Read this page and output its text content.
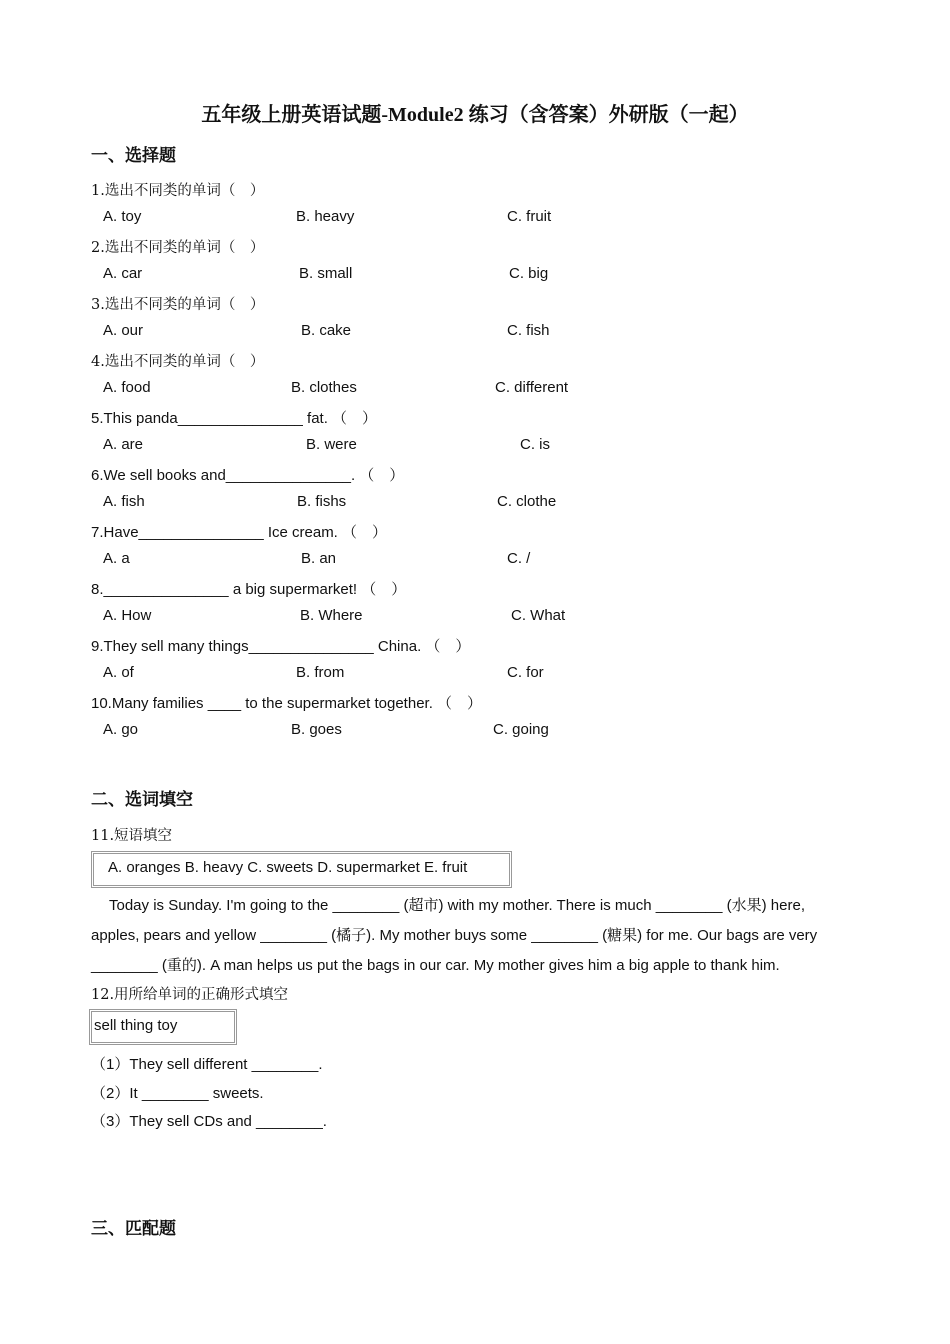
五年级上册英语试题-Module2 练习（含答案）外研版（一起）
一、选择题
1.选出不同类的单词（　）
A. toy	B. heavy	C. fruit
2.选出不同类的单词（　）
A. car	B. small	C. big
3.选出不同类的单词（　）
A. our	B. cake	C. fish
4.选出不同类的单词（　）
A. food	B. clothes	C. different
5.This panda_______________ fat. （　）
A. are	B. were	C. is
6.We sell books and_______________. （　）
A. fish	B. fishs	C. clothe
7.Have_______________ Ice cream. （　）
A. a	B. an	C. /
8._______________ a big supermarket! （　）
A. How	B. Where	C. What
9.They sell many things_______________ China. （　）
A. of	B. from	C. for
10.Many families ____ to the supermarket together. （　）
A. go	B. goes	C. going
二、选词填空
11.短语填空
A. oranges B. heavy C. sweets D. supermarket E. fruit
Today is Sunday. I'm going to the ________ (超市) with my mother. There is much ________ (水果) here,
apples, pears and yellow ________ (橘子). My mother buys some ________ (糖果) for me. Our bags are very
________ (重的). A man helps us put the bags in our car. My mother gives him a big apple to thank him.
12.用所给单词的正确形式填空
sell thing toy
（1）They sell different ________.
（2）It ________ sweets.
（3）They sell CDs and ________.
三、匹配题
